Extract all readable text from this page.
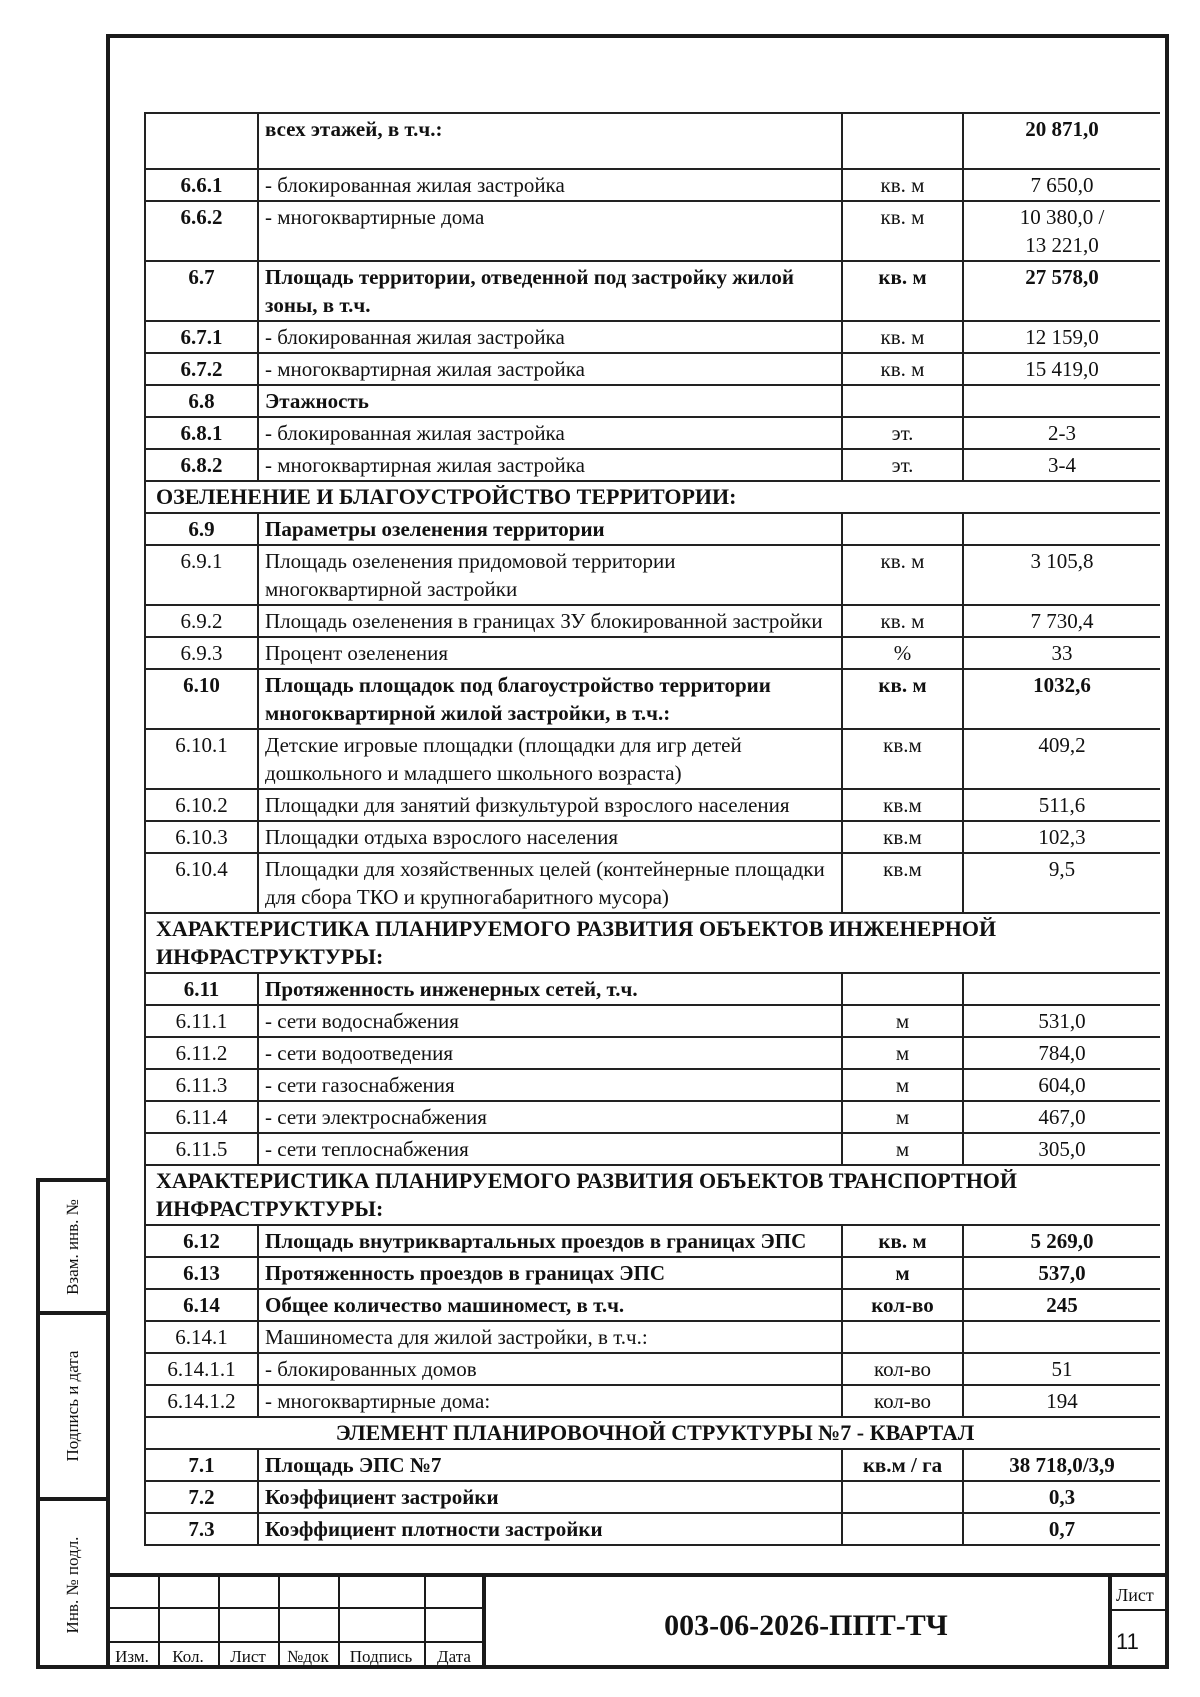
Взам. инв. №
Подпись и дата
Инв. № подл.
	всех этажей, в т.ч.:		20 871,0
6.6.1	- блокированная жилая застройка	кв. м	7 650,0
6.6.2	- многоквартирные дома	кв. м	10 380,0 /
13 221,0
6.7	Площадь территории, отведенной под застройку жилой зоны, в т.ч.	кв. м	27 578,0
6.7.1	- блокированная жилая застройка	кв. м	12 159,0
6.7.2	- многоквартирная жилая застройка	кв. м	15 419,0
6.8	Этажность		
6.8.1	- блокированная жилая застройка	эт.	2-3
6.8.2	- многоквартирная жилая застройка	эт.	3-4
ОЗЕЛЕНЕНИЕ И БЛАГОУСТРОЙСТВО ТЕРРИТОРИИ:			
6.9	Параметры озеленения территории		
6.9.1	Площадь озеленения придомовой территории многоквартирной застройки	кв. м	3 105,8
6.9.2	Площадь озеленения в границах ЗУ блокированной застройки	кв. м	7 730,4
6.9.3	Процент озеленения	%	33
6.10	Площадь площадок под благоустройство территории многоквартирной жилой застройки, в т.ч.:	кв. м	1032,6
6.10.1	Детские игровые площадки (площадки для игр детей дошкольного и младшего школьного возраста)	кв.м	409,2
6.10.2	Площадки для занятий физкультурой взрослого населения	кв.м	511,6
6.10.3	Площадки отдыха взрослого населения	кв.м	102,3
6.10.4	Площадки для хозяйственных целей (контейнерные площадки для сбора ТКО и крупногабаритного мусора)	кв.м	9,5
ХАРАКТЕРИСТИКА ПЛАНИРУЕМОГО РАЗВИТИЯ ОБЪЕКТОВ ИНЖЕНЕРНОЙ ИНФРАСТРУКТУРЫ:			
6.11	Протяженность инженерных сетей, т.ч.		
6.11.1	- сети водоснабжения	м	531,0
6.11.2	- сети водоотведения	м	784,0
6.11.3	- сети газоснабжения	м	604,0
6.11.4	- сети электроснабжения	м	467,0
6.11.5	- сети теплоснабжения	м	305,0
ХАРАКТЕРИСТИКА ПЛАНИРУЕМОГО РАЗВИТИЯ ОБЪЕКТОВ ТРАНСПОРТНОЙ ИНФРАСТРУКТУРЫ:			
6.12	Площадь внутриквартальных проездов в границах ЭПС	кв. м	5 269,0
6.13	Протяженность проездов в границах ЭПС	м	537,0
6.14	Общее количество машиномест, в т.ч.	кол-во	245
6.14.1	Машиноместа для жилой застройки, в т.ч.:		
6.14.1.1	- блокированных домов	кол-во	51
6.14.1.2	- многоквартирные дома:	кол-во	194
ЭЛЕМЕНТ ПЛАНИРОВОЧНОЙ СТРУКТУРЫ №7 - КВАРТАЛ			
7.1	Площадь ЭПС №7	кв.м / га	38 718,0/3,9
7.2	Коэффициент застройки		0,3
7.3	Коэффициент плотности застройки		0,7
Изм.	Кол.	Лист	№док	Подпись	Дата
003-06-2026-ППТ-ТЧ
Лист
11
